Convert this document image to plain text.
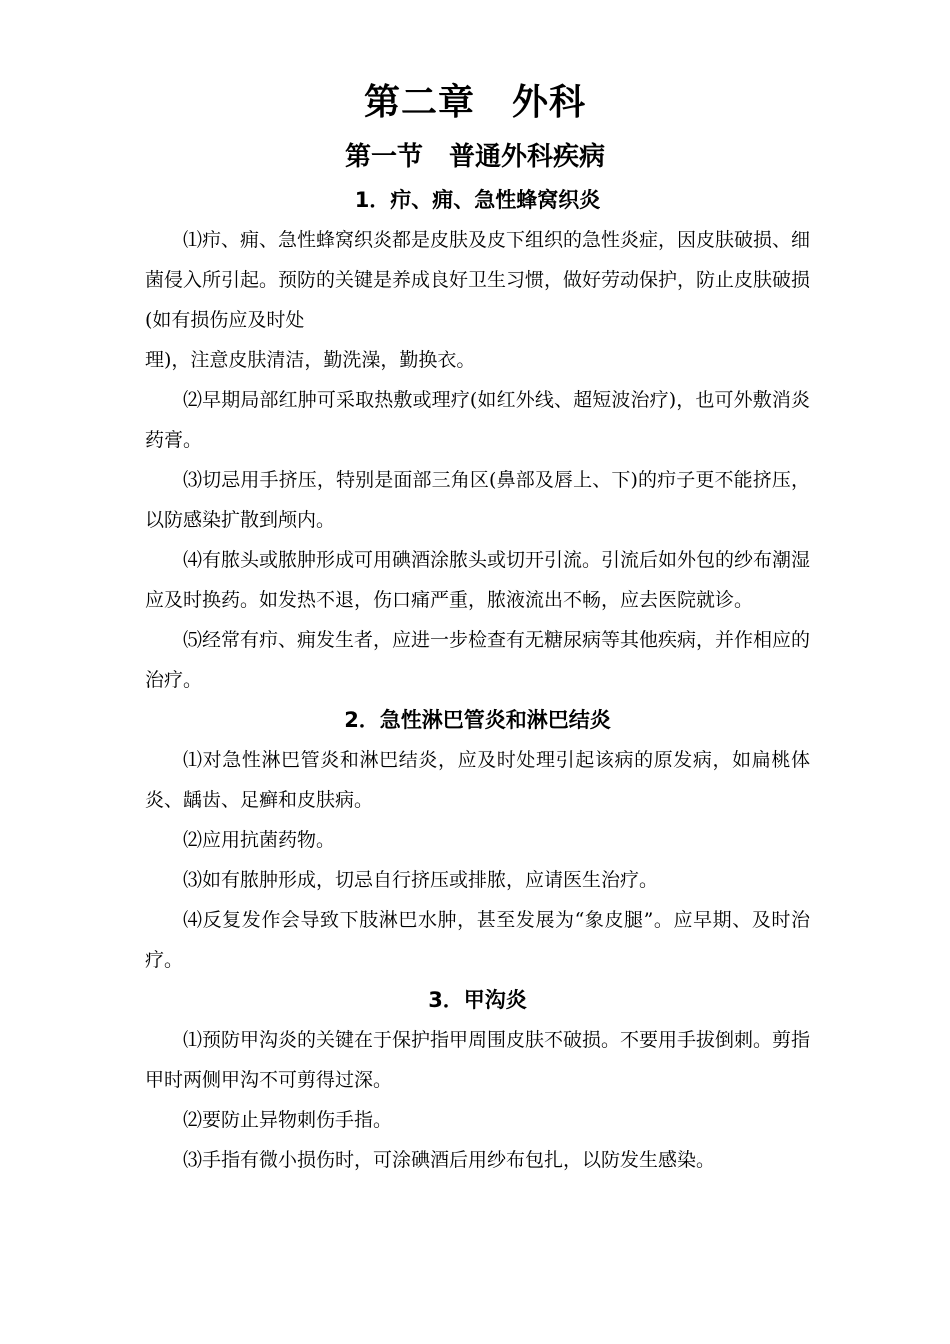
第二章　外科
第一节　普通外科疾病
1．疖、痈、急性蜂窝织炎

⑴疖、痈、急性蜂窝织炎都是皮肤及皮下组织的急性炎症，因皮肤破损、细菌侵入所引起。预防的关键是养成良好卫生习惯，做好劳动保护，防止皮肤破损(如有损伤应及时处

理)，注意皮肤清洁，勤洗澡，勤换衣。

⑵早期局部红肿可采取热敷或理疗(如红外线、超短波治疗)，也可外敷消炎药膏。

⑶切忌用手挤压，特别是面部三角区(鼻部及唇上、下)的疖子更不能挤压，以防感染扩散到颅内。

⑷有脓头或脓肿形成可用碘酒涂脓头或切开引流。引流后如外包的纱布潮湿应及时换药。如发热不退，伤口痛严重，脓液流出不畅，应去医院就诊。

⑸经常有疖、痈发生者，应进一步检查有无糖尿病等其他疾病，并作相应的治疗。

2．急性淋巴管炎和淋巴结炎

⑴对急性淋巴管炎和淋巴结炎，应及时处理引起该病的原发病，如扁桃体炎、龋齿、足癣和皮肤病。

⑵应用抗菌药物。

⑶如有脓肿形成，切忌自行挤压或排脓，应请医生治疗。

⑷反复发作会导致下肢淋巴水肿，甚至发展为“象皮腿”。应早期、及时治疗。

3．甲沟炎

⑴预防甲沟炎的关键在于保护指甲周围皮肤不破损。不要用手拔倒刺。剪指甲时两侧甲沟不可剪得过深。

⑵要防止异物刺伤手指。

⑶手指有微小损伤时，可涂碘酒后用纱布包扎，以防发生感染。
